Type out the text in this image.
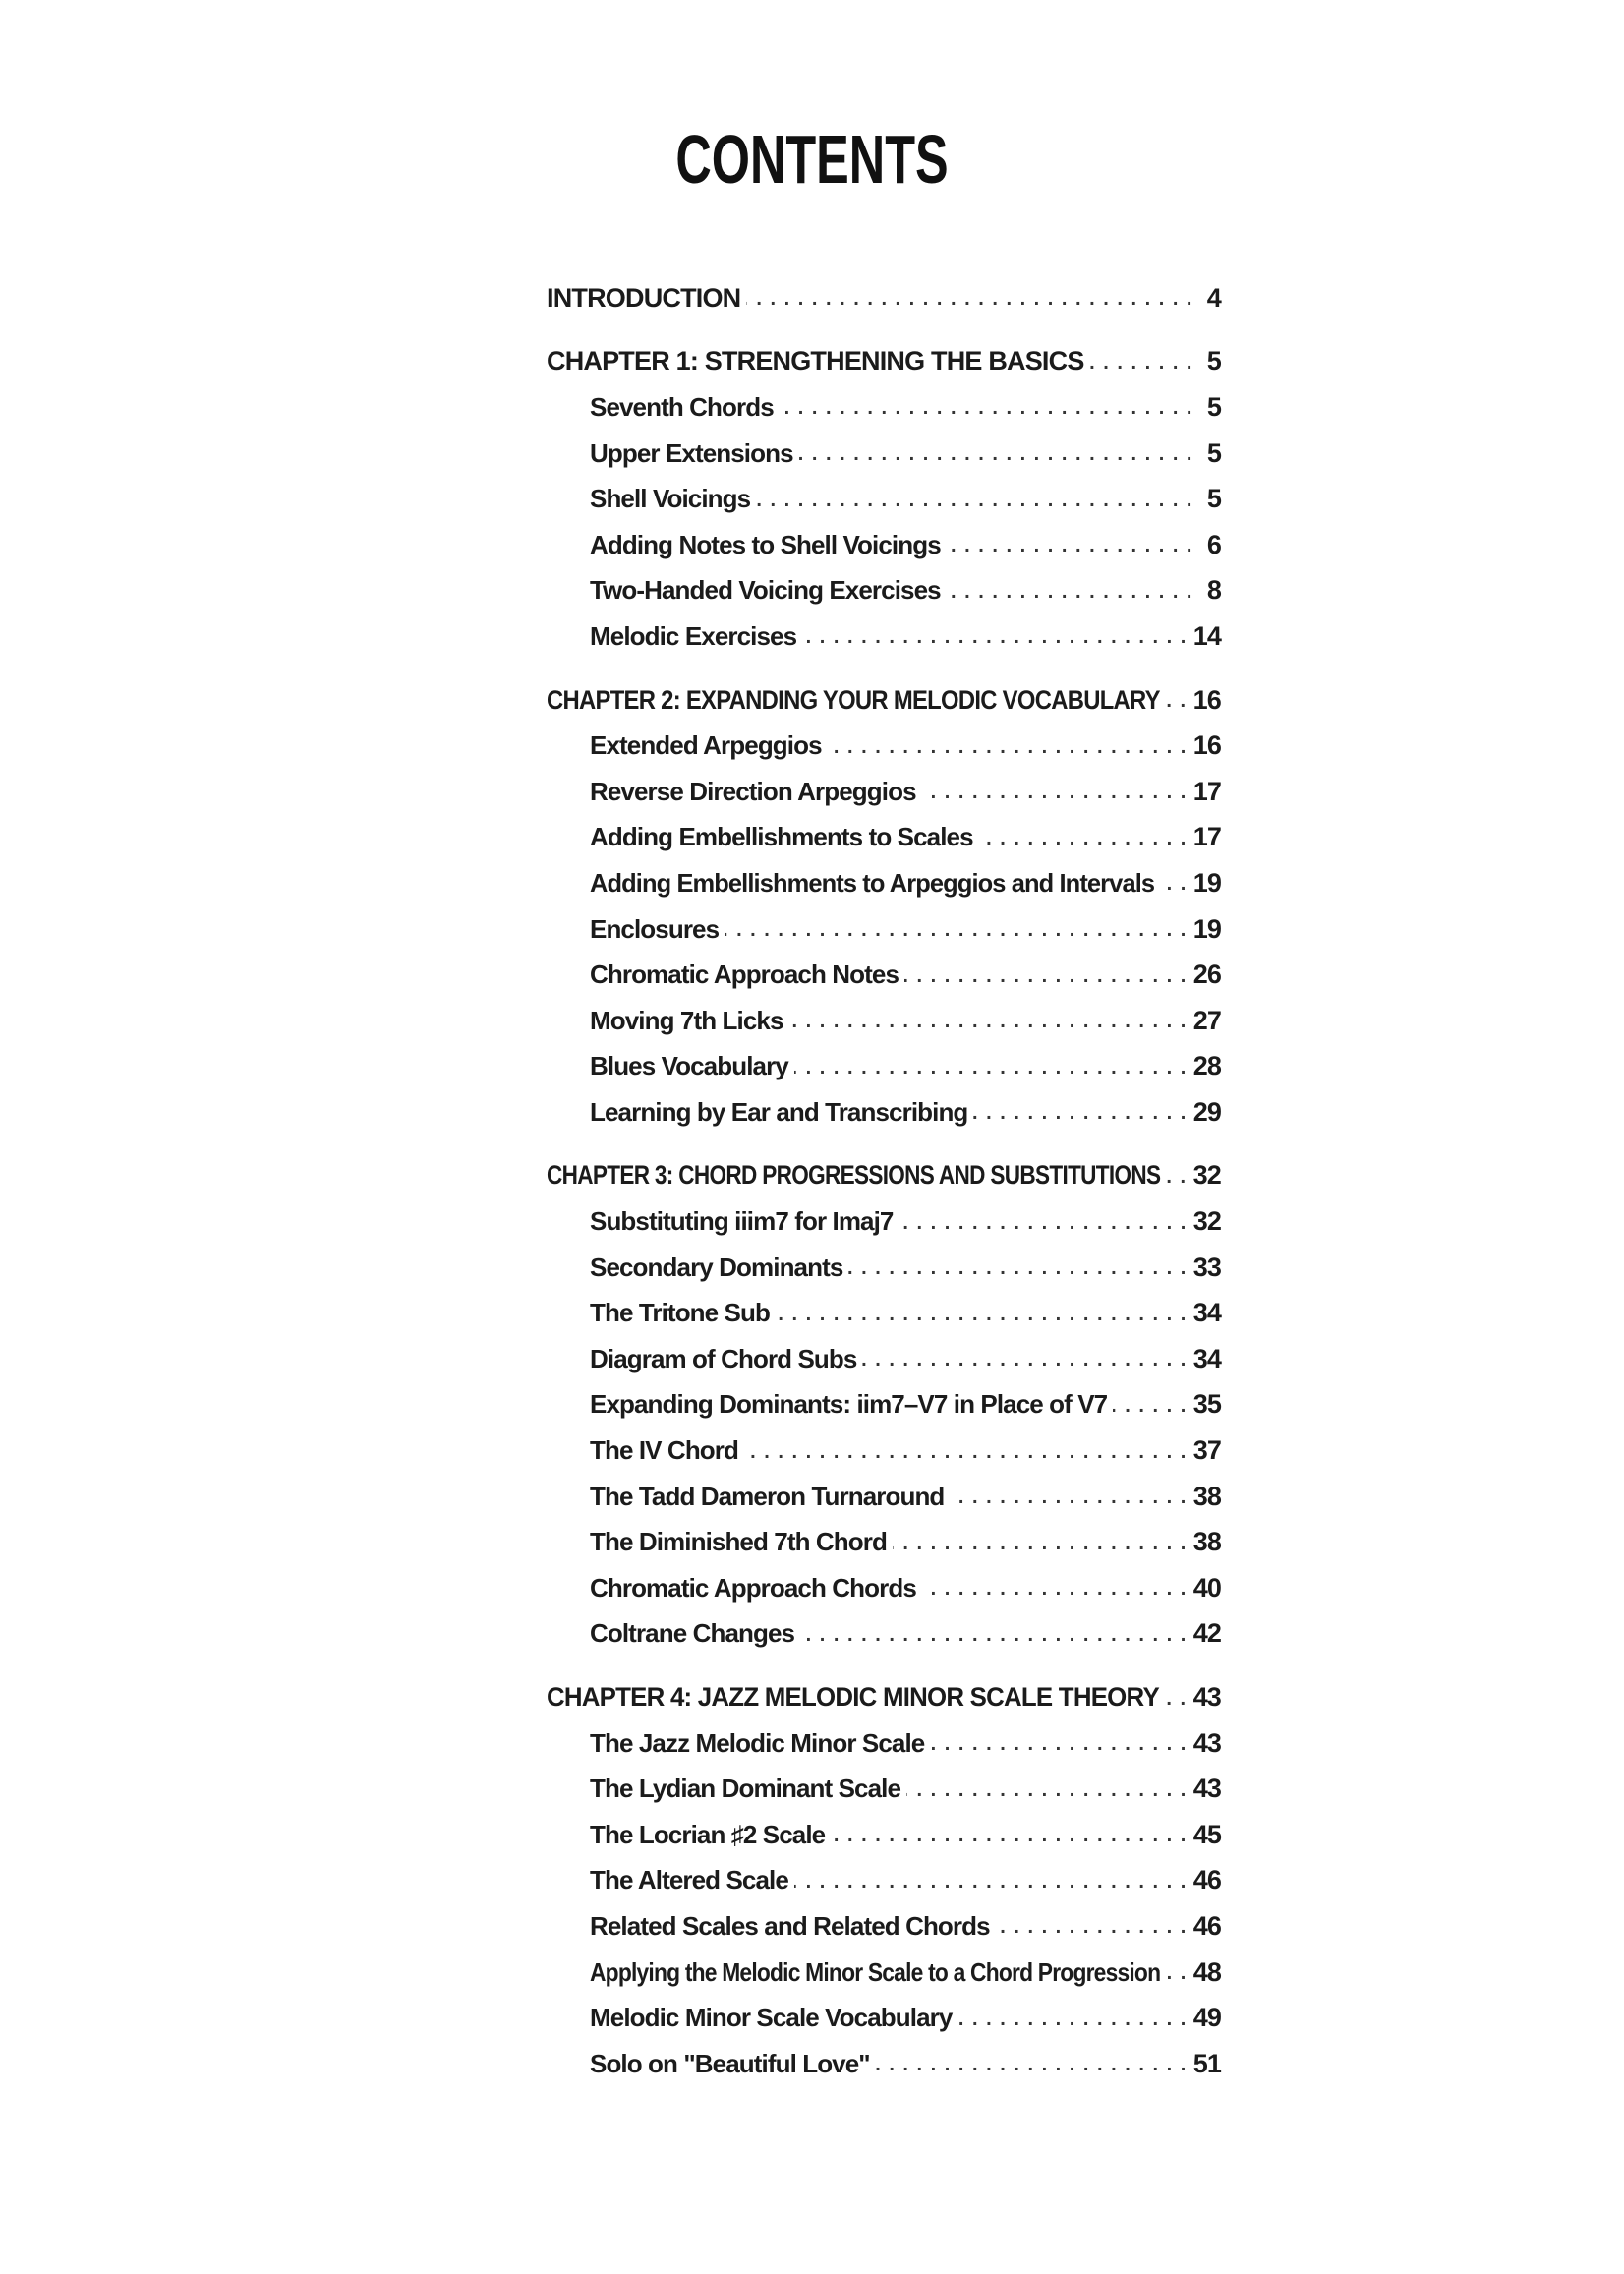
CONTENTS
INTRODUCTION . . .	4
CHAPTER 1: STRENGTHENING THE BASICS . . .	5
Seventh Chords . . .	5
Upper Extensions . . .	5
Shell Voicings . . .	5
Adding Notes to Shell Voicings . . .	6
Two-Handed Voicing Exercises . . .	8
Melodic Exercises . . .	14
CHAPTER 2: EXPANDING YOUR MELODIC VOCABULARY . . . 16
Extended Arpeggios . . .	16
Reverse Direction Arpeggios . . .	17
Adding Embellishments to Scales . . .	17
Adding Embellishments to Arpeggios and Intervals . . . 19
Enclosures . . .	19
Chromatic Approach Notes . . .	26
Moving 7th Licks . . .	27
Blues Vocabulary . . .	28
Learning by Ear and Transcribing . . .	29
CHAPTER 3: CHORD PROGRESSIONS AND SUBSTITUTIONS . . . 32
Substituting iiim7 for Imaj7 . . .	32
Secondary Dominants . . .	33
The Tritone Sub . . .	34
Diagram of Chord Subs . . .	34
Expanding Dominants: iim7–V7 in Place of V7 . . .	35
The IV Chord . . .	37
The Tadd Dameron Turnaround . . .	38
The Diminished 7th Chord . . .	38
Chromatic Approach Chords . . .	40
Coltrane Changes . . .	42
CHAPTER 4: JAZZ MELODIC MINOR SCALE THEORY . . . 43
The Jazz Melodic Minor Scale . . .	43
The Lydian Dominant Scale . . .	43
The Locrian ♯2 Scale . . .	45
The Altered Scale . . .	46
Related Scales and Related Chords . . .	46
Applying the Melodic Minor Scale to a Chord Progression . . . 48
Melodic Minor Scale Vocabulary . . .	49
Solo on "Beautiful Love" . . .	51
